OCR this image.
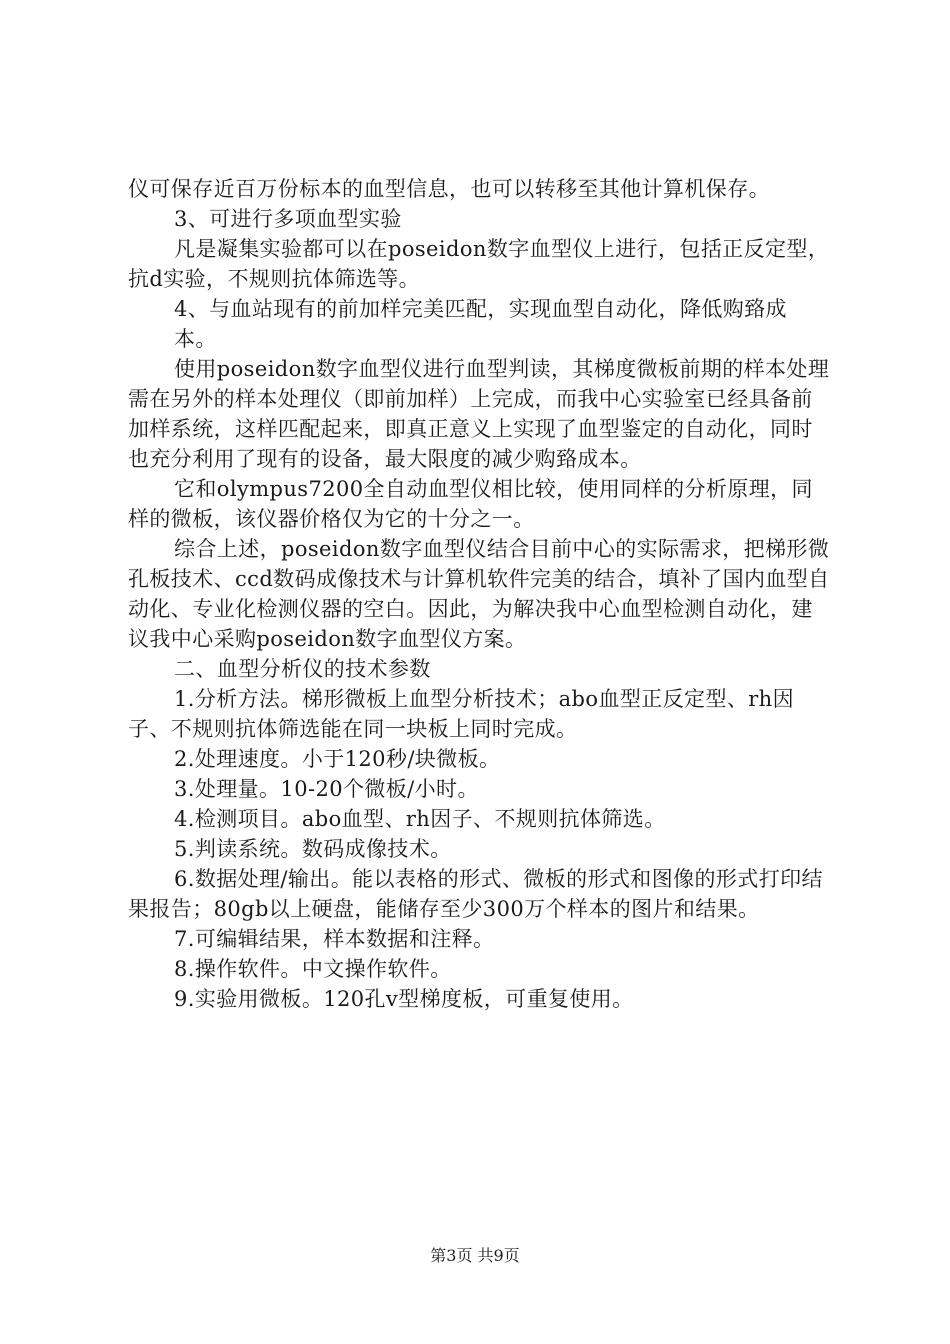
仪可保存近百万份标本的血型信息，也可以转移至其他计算机保存。

3、可进行多项血型实验

凡是凝集实验都可以在poseidon数字血型仪上进行，包括正反定型，抗d实验，不规则抗体筛选等。

4、与血站现有的前加样完美匹配，实现血型自动化，降低购臵成

本。

使用poseidon数字血型仪进行血型判读，其梯度微板前期的样本处理需在另外的样本处理仪（即前加样）上完成，而我中心实验室已经具备前加样系统，这样匹配起来，即真正意义上实现了血型鉴定的自动化，同时也充分利用了现有的设备，最大限度的减少购臵成本。

它和olympus7200全自动血型仪相比较，使用同样的分析原理，同样的微板，该仪器价格仅为它的十分之一。

综合上述，poseidon数字血型仪结合目前中心的实际需求，把梯形微孔板技术、ccd数码成像技术与计算机软件完美的结合，填补了国内血型自动化、专业化检测仪器的空白。因此，为解决我中心血型检测自动化，建议我中心采购poseidon数字血型仪方案。

二、血型分析仪的技术参数

1.分析方法。梯形微板上血型分析技术；abo血型正反定型、rh因子、不规则抗体筛选能在同一块板上同时完成。

2.处理速度。小于120秒/块微板。

3.处理量。10-20个微板/小时。

4.检测项目。abo血型、rh因子、不规则抗体筛选。

5.判读系统。数码成像技术。

6.数据处理/输出。能以表格的形式、微板的形式和图像的形式打印结果报告；80gb以上硬盘，能储存至少300万个样本的图片和结果。

7.可编辑结果，样本数据和注释。

8.操作软件。中文操作软件。

9.实验用微板。120孔v型梯度板，可重复使用。

第3页 共9页
